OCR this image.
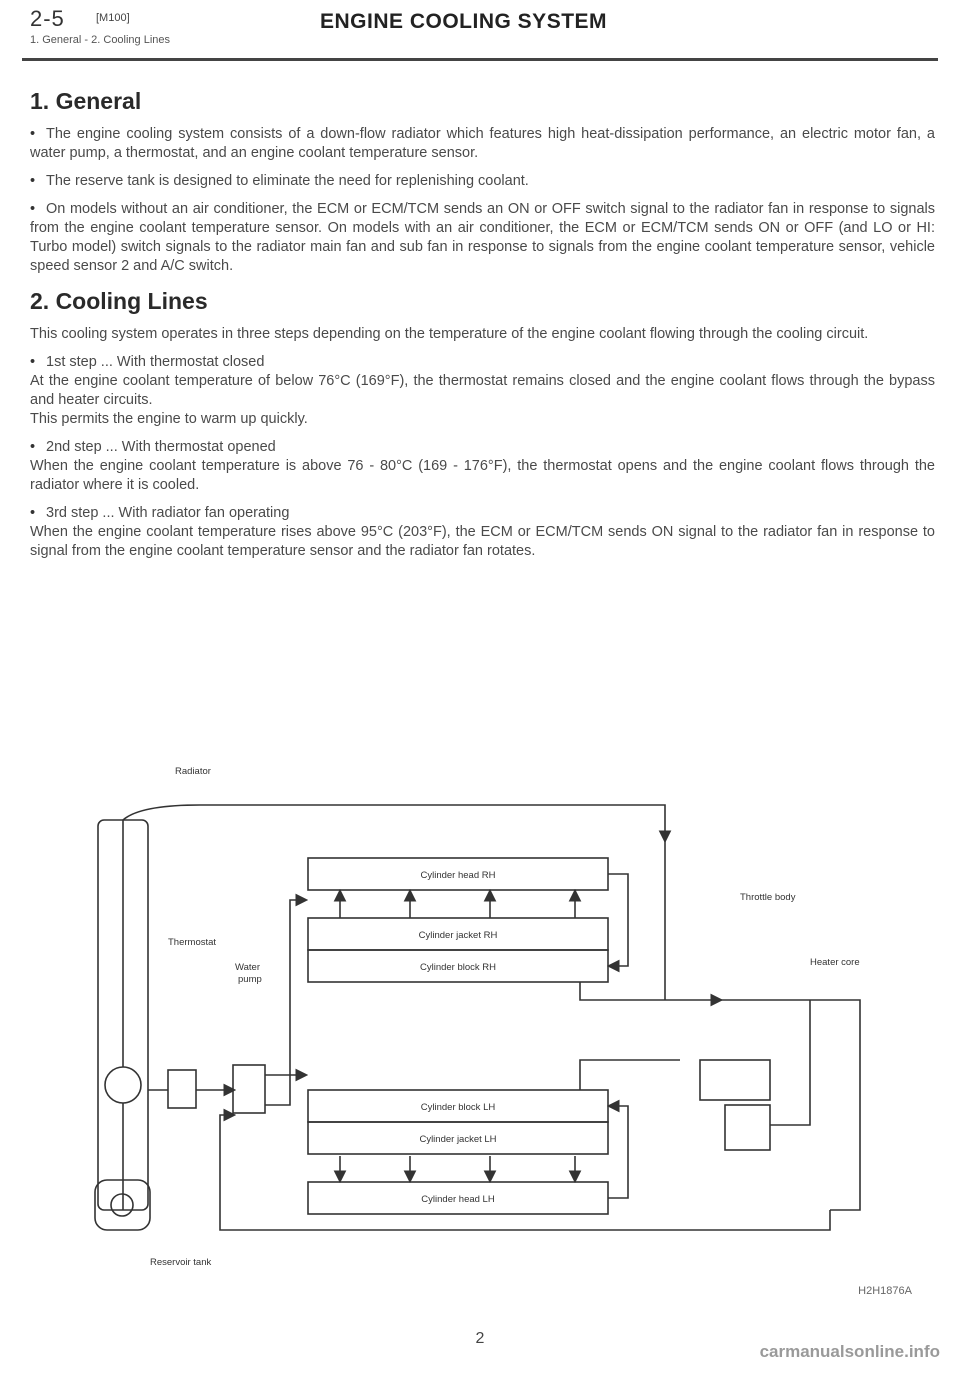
2-5	[M100]	ENGINE COOLING SYSTEM
1. General - 2. Cooling Lines
1. General

• The engine cooling system consists of a down-flow radiator which features high heat-dissipation performance, an electric motor fan, a water pump, a thermostat, and an engine coolant temperature sensor.

• The reserve tank is designed to eliminate the need for replenishing coolant.

• On models without an air conditioner, the ECM or ECM/TCM sends an ON or OFF switch signal to the radiator fan in response to signals from the engine coolant temperature sensor. On models with an air conditioner, the ECM or ECM/TCM sends ON or OFF (and LO or HI: Turbo model) switch signals to the radiator main fan and sub fan in response to signals from the engine coolant temperature sensor, vehicle speed sensor 2 and A/C switch.

2. Cooling Lines

This cooling system operates in three steps depending on the temperature of the engine coolant flowing through the cooling circuit.

• 1st step ... With thermostat closed

At the engine coolant temperature of below 76°C (169°F), the thermostat remains closed and the engine coolant flows through the bypass and heater circuits.

This permits the engine to warm up quickly.

• 2nd step ... With thermostat opened

When the engine coolant temperature is above 76 - 80°C (169 - 176°F), the thermostat opens and the engine coolant flows through the radiator where it is cooled.

• 3rd step ... With radiator fan operating

When the engine coolant temperature rises above 95°C (203°F), the ECM or ECM/TCM sends ON signal to the radiator fan in response to signal from the engine coolant temperature sensor and the radiator fan rotates.

Radiator
Thermostat
Water
pump
Reservoir tank
Throttle body
Heater core
Cylinder head RH
Cylinder jacket RH
Cylinder block RH
Cylinder block LH
Cylinder jacket LH
Cylinder head LH
H2H1876A
2
carmanualsonline.info
